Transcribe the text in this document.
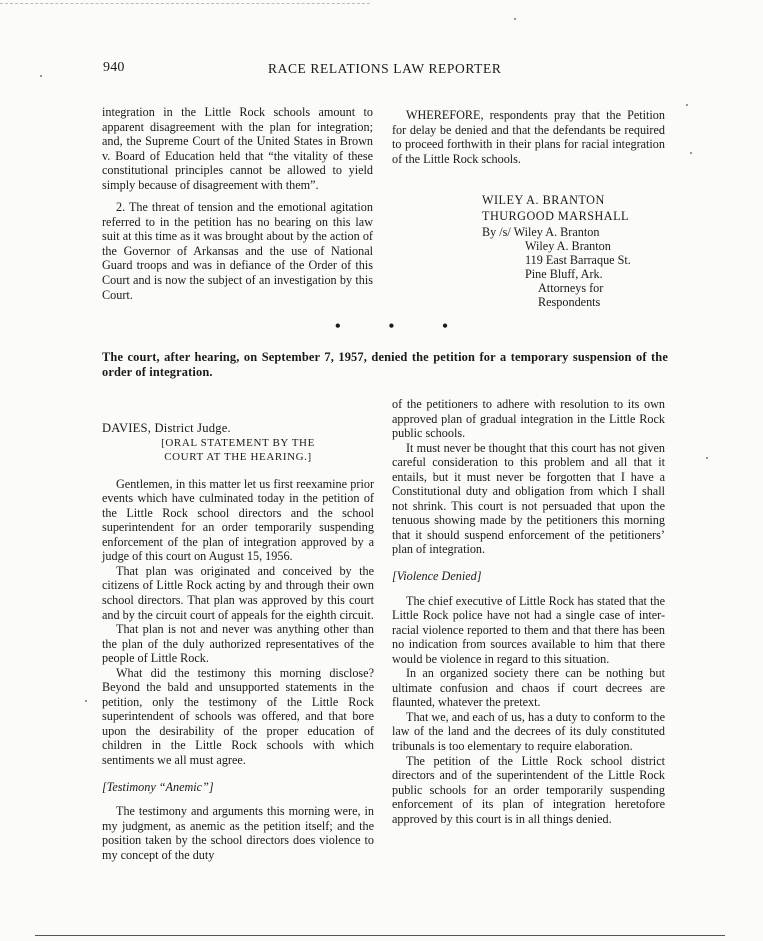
940	RACE RELATIONS LAW REPORTER

integration in the Little Rock schools amount to apparent disagreement with the plan for integration; and, the Supreme Court of the United States in Brown v. Board of Education held that “the vitality of these constitutional principles cannot be allowed to yield simply because of disagreement with them”.

2. The threat of tension and the emotional agitation referred to in the petition has no bearing on this law suit at this time as it was brought about by the action of the Governor of Arkansas and the use of National Guard troops and was in defiance of the Order of this Court and is now the subject of an investigation by this Court.

WHEREFORE, respondents pray that the Petition for delay be denied and that the defendants be required to proceed forthwith in their plans for racial integration of the Little Rock schools.

WILEY A. BRANTON
THURGOOD MARSHALL
By /s/ Wiley A. Branton
Wiley A. Branton
119 East Barraque St.
Pine Bluff, Ark.
Attorneys for
Respondents
• • •
The court, after hearing, on September 7, 1957, denied the petition for a temporary suspension of the order of integration.

DAVIES, District Judge.

[ORAL STATEMENT BY THE
COURT AT THE HEARING.]

Gentlemen, in this matter let us first reexamine prior events which have culminated today in the petition of the Little Rock school directors and the school superintendent for an order temporarily suspending enforcement of the plan of integration approved by a judge of this court on August 15, 1956.

That plan was originated and conceived by the citizens of Little Rock acting by and through their own school directors. That plan was approved by this court and by the circuit court of appeals for the eighth circuit.

That plan is not and never was anything other than the plan of the duly authorized representatives of the people of Little Rock.

What did the testimony this morning disclose? Beyond the bald and unsupported statements in the petition, only the testimony of the Little Rock superintendent of schools was offered, and that bore upon the desirability of the proper education of children in the Little Rock schools with which sentiments we all must agree.

[Testimony “Anemic”]

The testimony and arguments this morning were, in my judgment, as anemic as the petition itself; and the position taken by the school directors does violence to my concept of the duty

of the petitioners to adhere with resolution to its own approved plan of gradual integration in the Little Rock public schools.

It must never be thought that this court has not given careful consideration to this problem and all that it entails, but it must never be forgotten that I have a Constitutional duty and obligation from which I shall not shrink. This court is not persuaded that upon the tenuous showing made by the petitioners this morning that it should suspend enforcement of the petitioners’ plan of integration.

[Violence Denied]

The chief executive of Little Rock has stated that the Little Rock police have not had a single case of inter-racial violence reported to them and that there has been no indication from sources available to him that there would be violence in regard to this situation.

In an organized society there can be nothing but ultimate confusion and chaos if court decrees are flaunted, whatever the pretext.

That we, and each of us, has a duty to conform to the law of the land and the decrees of its duly constituted tribunals is too elementary to require elaboration.

The petition of the Little Rock school district directors and of the superintendent of the Little Rock public schools for an order temporarily suspending enforcement of its plan of integration heretofore approved by this court is in all things denied.
